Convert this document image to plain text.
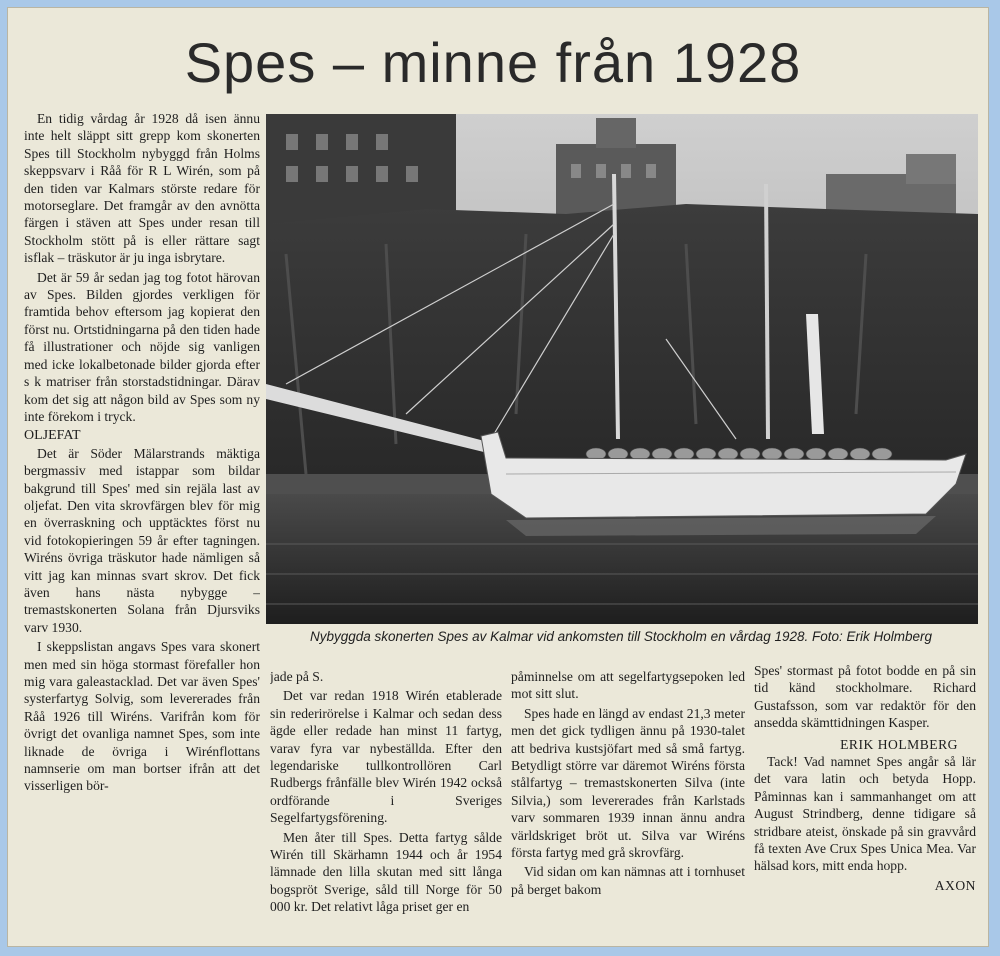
Spes – minne från 1928

En tidig vårdag år 1928 då isen ännu inte helt släppt sitt grepp kom skonerten Spes till Stockholm nybyggd från Holms skeppsvarv i Råå för R L Wirén, som på den tiden var Kalmars störste redare för motorseglare. Det framgår av den avnötta färgen i stäven att Spes under resan till Stockholm stött på is eller rättare sagt isflak – träskutor är ju inga isbrytare.

Det är 59 år sedan jag tog fotot härovan av Spes. Bilden gjordes verkligen för framtida behov eftersom jag kopierat den först nu. Ortstidningarna på den tiden hade få illustrationer och nöjde sig vanligen med icke lokalbetonade bilder gjorda efter s k matriser från storstadstidningar. Därav kom det sig att någon bild av Spes som ny inte förekom i tryck.

OLJEFAT

Det är Söder Mälarstrands mäktiga bergmassiv med istappar som bildar bakgrund till Spes' med sin rejäla last av oljefat. Den vita skrovfärgen blev för mig en överraskning och upptäcktes först nu vid fotokopieringen 59 år efter tagningen. Wiréns övriga träskutor hade nämligen så vitt jag kan minnas svart skrov. Det fick även hans nästa nybygge – tremastskonerten Solana från Djursviks varv 1930.

I skeppslistan angavs Spes vara skonert men med sin höga stormast förefaller hon mig vara galeastacklad. Det var även Spes' systerfartyg Solvig, som levererades från Råå 1926 till Wiréns. Varifrån kom för övrigt det ovanliga namnet Spes, som inte liknade de övriga i Wirénflottans namnserie om man bortser ifrån att det visserligen bör-

Nybyggda skonerten Spes av Kalmar vid ankomsten till Stockholm en vårdag 1928. Foto: Erik Holmberg

jade på S.

Det var redan 1918 Wirén etablerade sin rederirörelse i Kalmar och sedan dess ägde eller redade han minst 11 fartyg, varav fyra var nybeställda. Efter den legendariske tullkontrollören Carl Rudbergs frånfälle blev Wirén 1942 också ordförande i Sveriges Segelfartygsförening.

Men åter till Spes. Detta fartyg sålde Wirén till Skärhamn 1944 och år 1954 lämnade den lilla skutan med sitt långa bogspröt Sverige, såld till Norge för 50 000 kr. Det relativt låga priset ger en

påminnelse om att segelfartygsepoken led mot sitt slut.

Spes hade en längd av endast 21,3 meter men det gick tydligen ännu på 1930-talet att bedriva kustsjöfart med så små fartyg. Betydligt större var däremot Wiréns första stålfartyg – tremastskonerten Silva (inte Silvia,) som levererades från Karlstads varv sommaren 1939 innan ännu andra världskriget bröt ut. Silva var Wiréns första fartyg med grå skrovfärg.

Vid sidan om kan nämnas att i tornhuset på berget bakom

Spes' stormast på fotot bodde en på sin tid känd stockholmare. Richard Gustafsson, som var redaktör för den ansedda skämttidningen Kasper.

ERIK HOLMBERG

Tack! Vad namnet Spes angår så lär det vara latin och betyda Hopp. Påminnas kan i sammanhanget om att August Strindberg, denne tidigare så stridbare ateist, önskade på sin gravvård få texten Ave Crux Spes Unica Mea. Var hälsad kors, mitt enda hopp.

AXON
